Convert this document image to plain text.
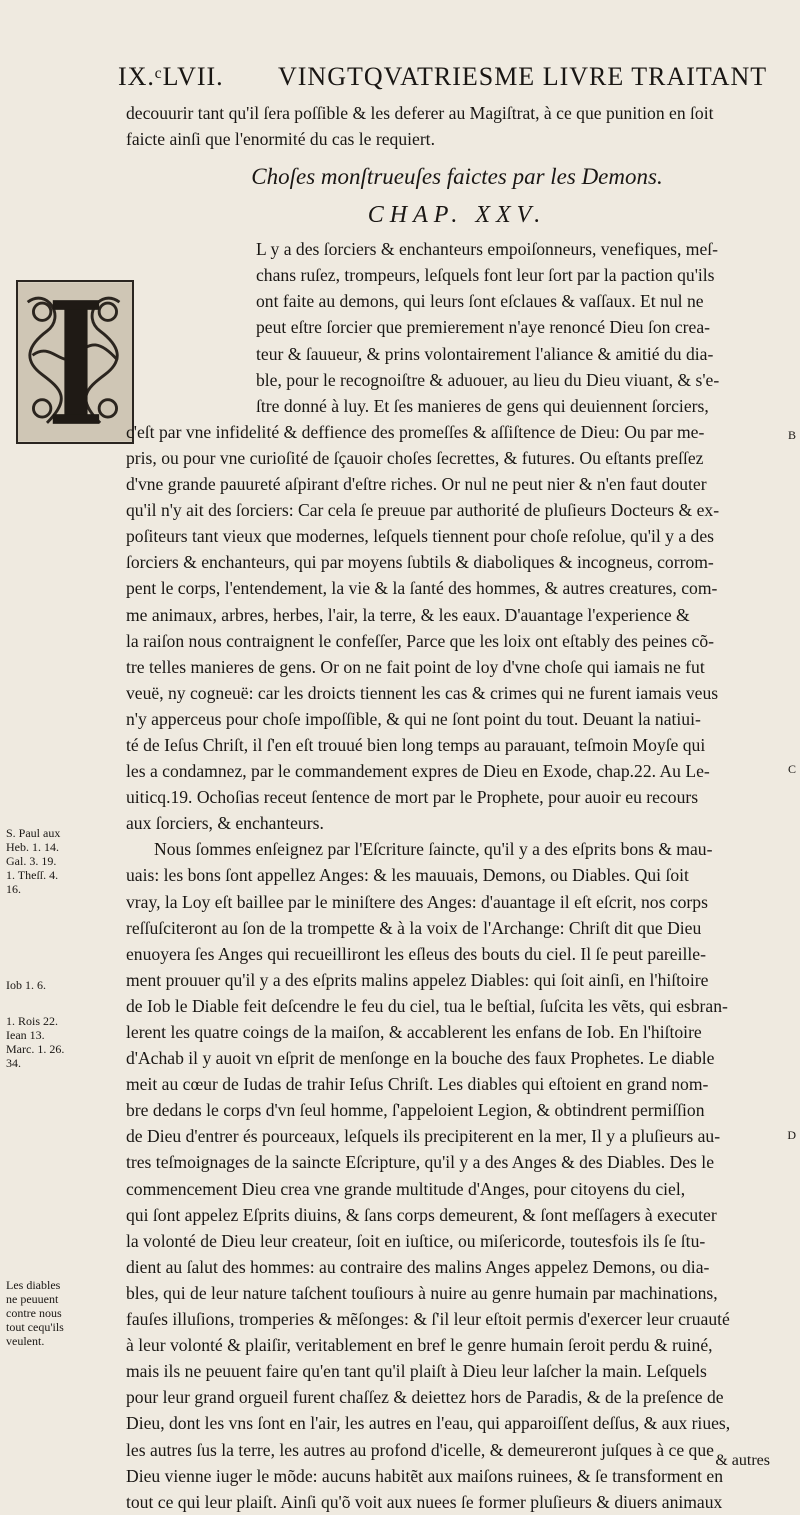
IX.ᶜLVII. VINGTQVATRIESME LIVRE TRAITANT
decouurir tant qu'il ſera poſſible & les deferer au Magiſtrat, à ce que punition en ſoit
faicte ainſi que l'enormité du cas le requiert.
Choſes monſtrueuſes faictes par les Demons.
CHAP. XXV.
L y a des ſorciers & enchanteurs empoiſonneurs, venefiques, meſ-
chans ruſez, trompeurs, leſquels font leur ſort par la paction qu'ils
ont faite au demons, qui leurs ſont eſclaues & vaſſaux. Et nul ne
peut eſtre ſorcier que premierement n'aye renoncé Dieu ſon crea-
teur & ſauueur, & prins volontairement l'aliance & amitié du dia-
ble, pour le recognoiſtre & aduouer, au lieu du Dieu viuant, & s'e-
ſtre donné à luy. Et ſes manieres de gens qui deuiennent ſorciers,
c'eſt par vne infidelité & deffience des promeſſes & aſſiſtence de Dieu: Ou par me-
pris, ou pour vne curioſité de ſçauoir choſes ſecrettes, & futures. Ou eſtants preſſez
d'vne grande pauureté aſpirant d'eſtre riches. Or nul ne peut nier & n'en faut douter
qu'il n'y ait des ſorciers: Car cela ſe preuue par authorité de pluſieurs Docteurs & ex-
poſiteurs tant vieux que modernes, leſquels tiennent pour choſe reſolue, qu'il y a des
ſorciers & enchanteurs, qui par moyens ſubtils & diaboliques & incogneus, corrom-
pent le corps, l'entendement, la vie & la ſanté des hommes, & autres creatures, com-
me animaux, arbres, herbes, l'air, la terre, & les eaux. D'auantage l'experience &
la raiſon nous contraignent le confeſſer, Parce que les loix ont eſtably des peines cõ-
tre telles manieres de gens. Or on ne fait point de loy d'vne choſe qui iamais ne fut
veuë, ny cogneuë: car les droicts tiennent les cas & crimes qui ne furent iamais veus
n'y apperceus pour choſe impoſſible, & qui ne ſont point du tout. Deuant la natiui-
té de Ieſus Chriſt, il ſ'en eſt trouué bien long temps au parauant, teſmoin Moyſe qui
les a condamnez, par le commandement expres de Dieu en Exode, chap.22. Au Le-
uiticq.19. Ochoſias receut ſentence de mort par le Prophete, pour auoir eu recours
aux ſorciers, & enchanteurs.
Nous ſommes enſeignez par l'Eſcriture ſaincte, qu'il y a des eſprits bons & mau-
uais: les bons ſont appellez Anges: & les mauuais, Demons, ou Diables. Qui ſoit
vray, la Loy eſt baillee par le miniſtere des Anges: d'auantage il eſt eſcrit, nos corps
reſſuſciteront au ſon de la trompette & à la voix de l'Archange: Chriſt dit que Dieu
enuoyera ſes Anges qui recueilliront les eſleus des bouts du ciel. Il ſe peut pareille-
ment prouuer qu'il y a des eſprits malins appelez Diables: qui ſoit ainſi, en l'hiſtoire
de Iob le Diable feit deſcendre le feu du ciel, tua le beſtial, ſuſcita les vẽts, qui esbran-
lerent les quatre coings de la maiſon, & accablerent les enfans de Iob. En l'hiſtoire
d'Achab il y auoit vn eſprit de menſonge en la bouche des faux Prophetes. Le diable
meit au cœur de Iudas de trahir Ieſus Chriſt. Les diables qui eſtoient en grand nom-
bre dedans le corps d'vn ſeul homme, ſ'appeloient Legion, & obtindrent permiſſion
de Dieu d'entrer és pourceaux, leſquels ils precipiterent en la mer, Il y a pluſieurs au-
tres teſmoignages de la saincte Eſcripture, qu'il y a des Anges & des Diables. Des le
commencement Dieu crea vne grande multitude d'Anges, pour citoyens du ciel,
qui ſont appelez Eſprits diuins, & ſans corps demeurent, & ſont meſſagers à executer
la volonté de Dieu leur createur, ſoit en iuſtice, ou miſericorde, toutesfois ils ſe ſtu-
dient au ſalut des hommes: au contraire des malins Anges appelez Demons, ou dia-
bles, qui de leur nature taſchent touſiours à nuire au genre humain par machinations,
fauſes illuſions, tromperies & mẽſonges: & ſ'il leur eſtoit permis d'exercer leur cruauté
à leur volonté & plaiſir, veritablement en bref le genre humain ſeroit perdu & ruiné,
mais ils ne peuuent faire qu'en tant qu'il plaiſt à Dieu leur laſcher la main. Leſquels
pour leur grand orgueil furent chaſſez & deiettez hors de Paradis, & de la preſence de
Dieu, dont les vns ſont en l'air, les autres en l'eau, qui apparoiſſent deſſus, & aux riues,
les autres ſus la terre, les autres au profond d'icelle, & demeureront juſques à ce que
Dieu vienne iuger le mõde: aucuns habitẽt aux maiſons ruinees, & ſe transforment en
tout ce qui leur plaiſt. Ainſi qu'õ voit aux nuees ſe former pluſieurs & diuers animaux
S. Paul aux
Heb. 1. 14.
Gal. 3. 19.
1. Theſſ. 4.
16.
Iob 1. 6.
1. Rois 22.
Iean 13.
Marc. 1. 26.
34.
Les diables
ne peuuent
contre nous
tout cequ'ils
veulent.
B
C
D
& autres
